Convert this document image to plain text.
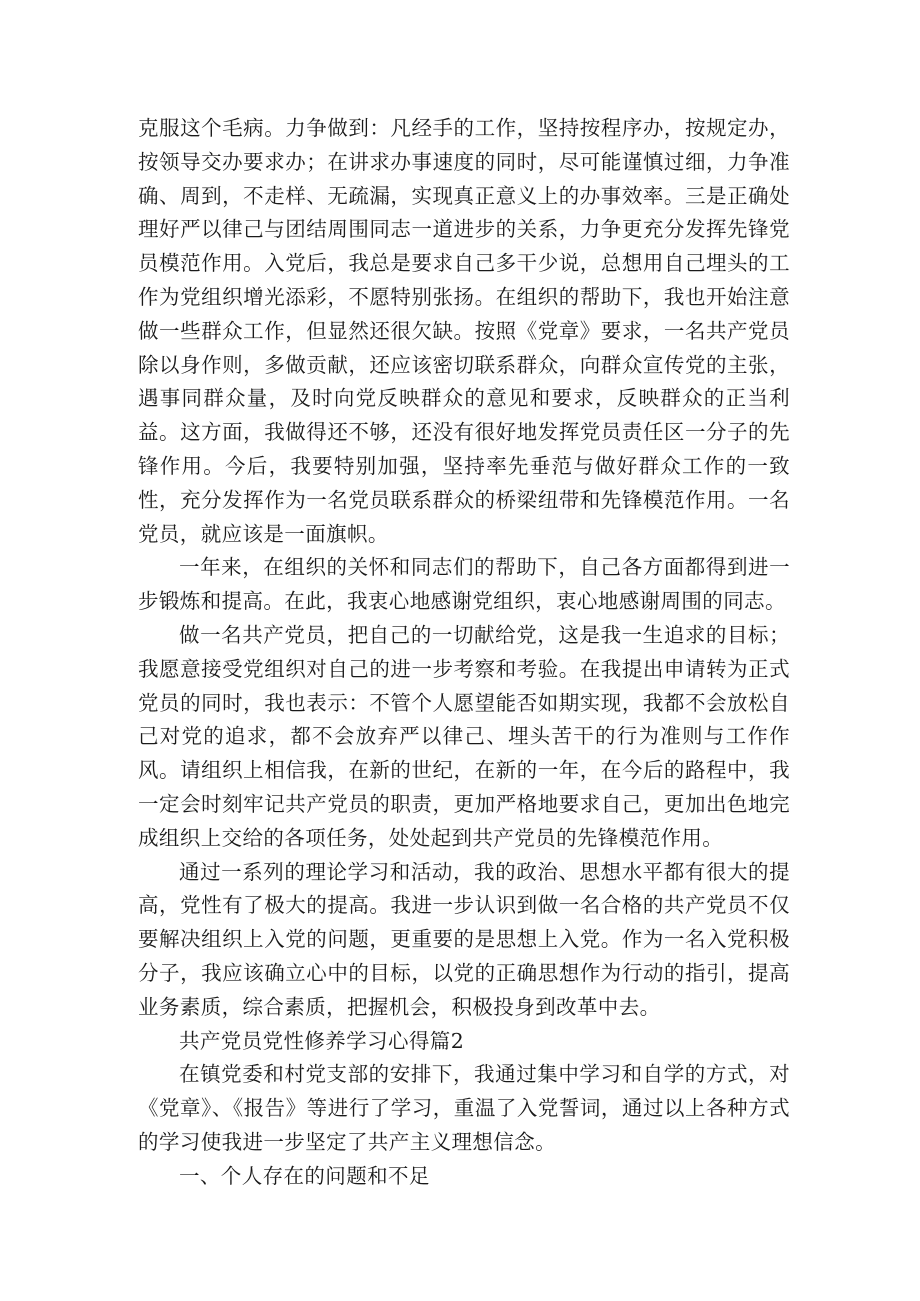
克服这个毛病。力争做到：凡经手的工作，坚持按程序办，按规定办，按领导交办要求办；在讲求办事速度的同时，尽可能谨慎过细，力争准确、周到，不走样、无疏漏，实现真正意义上的办事效率。三是正确处理好严以律己与团结周围同志一道进步的关系，力争更充分发挥先锋党员模范作用。入党后，我总是要求自己多干少说，总想用自己埋头的工作为党组织增光添彩，不愿特别张扬。在组织的帮助下，我也开始注意做一些群众工作，但显然还很欠缺。按照《党章》要求，一名共产党员除以身作则，多做贡献，还应该密切联系群众，向群众宣传党的主张，遇事同群众量，及时向党反映群众的意见和要求，反映群众的正当利益。这方面，我做得还不够，还没有很好地发挥党员责任区一分子的先锋作用。今后，我要特别加强，坚持率先垂范与做好群众工作的一致性，充分发挥作为一名党员联系群众的桥梁纽带和先锋模范作用。一名党员，就应该是一面旗帜。

一年来，在组织的关怀和同志们的帮助下，自己各方面都得到进一步锻炼和提高。在此，我衷心地感谢党组织，衷心地感谢周围的同志。

做一名共产党员，把自己的一切献给党，这是我一生追求的目标；我愿意接受党组织对自己的进一步考察和考验。在我提出申请转为正式党员的同时，我也表示：不管个人愿望能否如期实现，我都不会放松自己对党的追求，都不会放弃严以律己、埋头苦干的行为准则与工作作风。请组织上相信我，在新的世纪，在新的一年，在今后的路程中，我一定会时刻牢记共产党员的职责，更加严格地要求自己，更加出色地完成组织上交给的各项任务，处处起到共产党员的先锋模范作用。

通过一系列的理论学习和活动，我的政治、思想水平都有很大的提高，党性有了极大的提高。我进一步认识到做一名合格的共产党员不仅要解决组织上入党的问题，更重要的是思想上入党。作为一名入党积极分子，我应该确立心中的目标，以党的正确思想作为行动的指引，提高业务素质，综合素质，把握机会，积极投身到改革中去。

共产党员党性修养学习心得篇2

在镇党委和村党支部的安排下，我通过集中学习和自学的方式，对《党章》、《报告》等进行了学习，重温了入党誓词，通过以上各种方式的学习使我进一步坚定了共产主义理想信念。

一、个人存在的问题和不足
